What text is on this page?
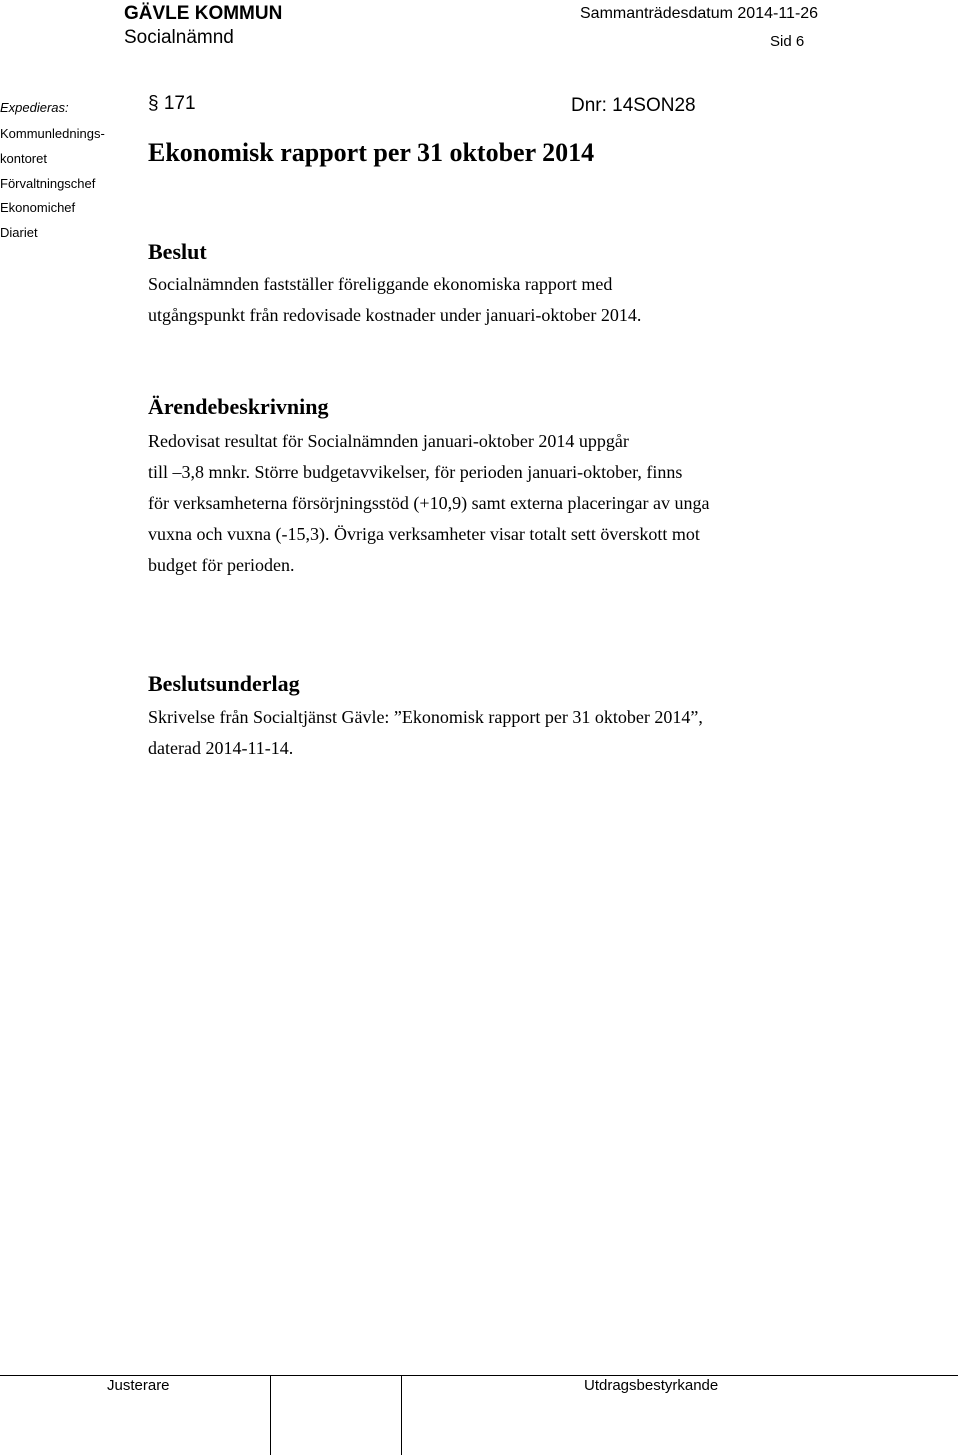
GÄVLE KOMMUN
Socialnämnd
Sammanträdesdatum 2014-11-26
Sid 6
Expedieras:
Kommunlednings-
kontoret
Förvaltningschef
Ekonomichef
Diariet
§ 171	Dnr: 14SON28
Ekonomisk rapport per 31 oktober 2014
Beslut
Socialnämnden fastställer föreliggande ekonomiska rapport med
utgångspunkt från redovisade kostnader under januari-oktober 2014.
Ärendebeskrivning
Redovisat resultat för Socialnämnden januari-oktober 2014 uppgår
till –3,8 mnkr. Större budgetavvikelser, för perioden januari-oktober, finns
för verksamheterna försörjningsstöd (+10,9) samt externa placeringar av unga
vuxna och vuxna (-15,3). Övriga verksamheter visar totalt sett överskott mot
budget för perioden.
Beslutsunderlag
Skrivelse från Socialtjänst Gävle: ”Ekonomisk rapport per 31 oktober 2014”,
daterad 2014-11-14.
Justerare	Utdragsbestyrkande
